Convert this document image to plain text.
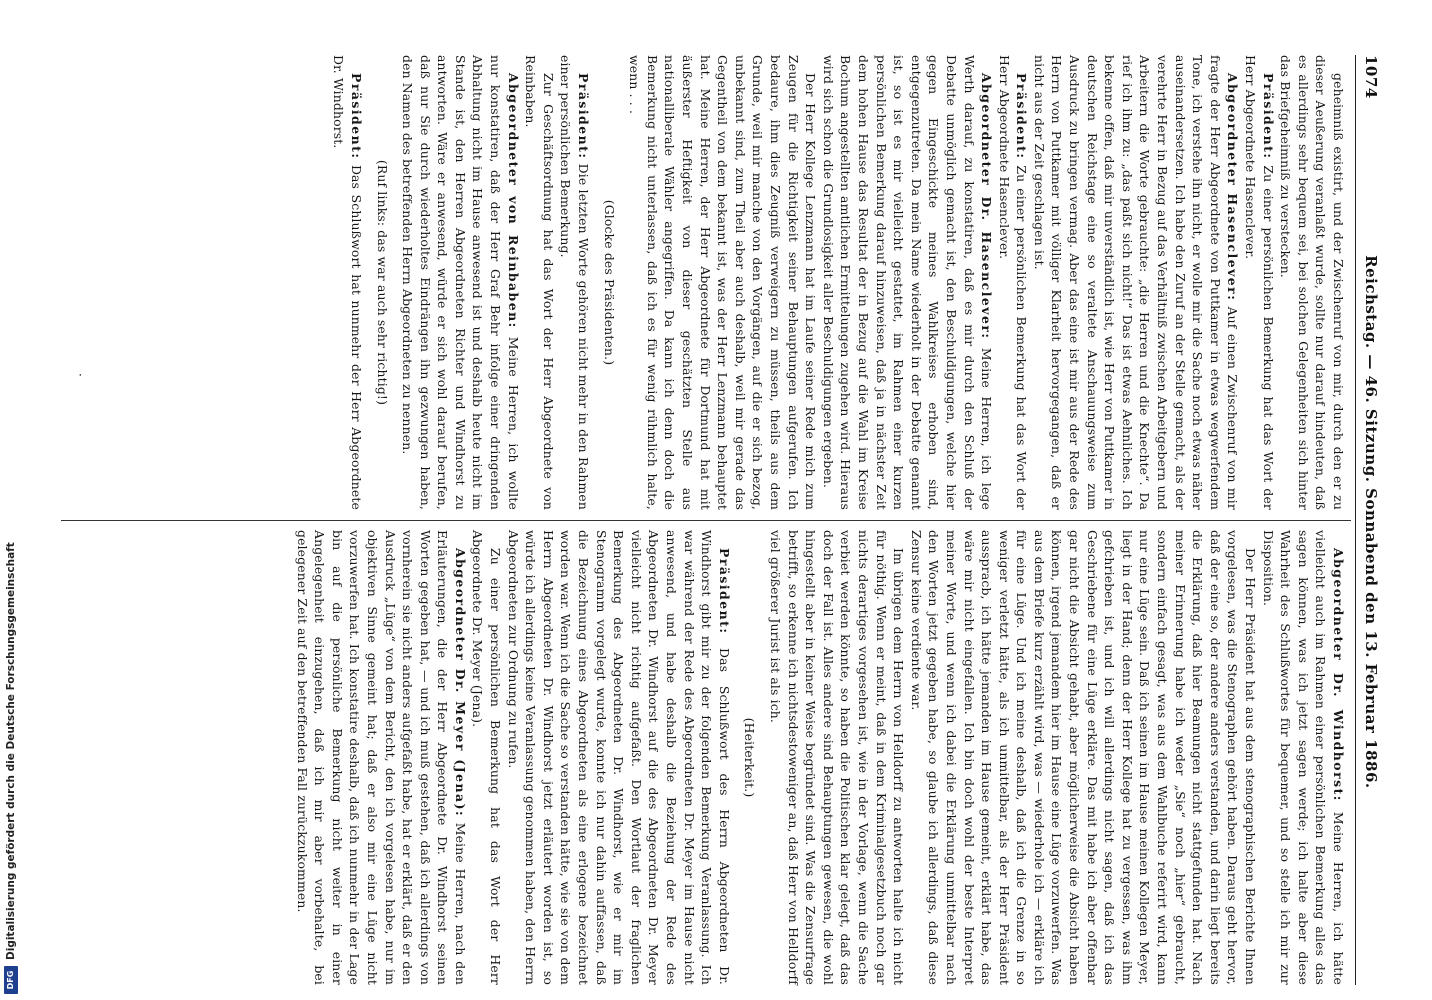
1074
Reichstag. — 46. Sitzung. Sonnabend den 13. Februar 1886.

geheimniß existirt, und der Zwischenruf von mir, durch den er zu dieser Aeußerung veranlaßt wurde, sollte nur darauf hindeuten, daß es allerdings sehr bequem sei, bei solchen Gelegenheiten sich hinter das Briefgeheimniß zu verstecken.

Präsident: Zu einer persönlichen Bemerkung hat das Wort der Herr Abgeordnete Hasenclever.

Abgeordneter Hasenclever: Auf einen Zwischenruf von mir fragte der Herr Abgeordnete von Puttkamer in etwas wegwerfendem Tone, ich verstehe ihn nicht, er wolle mir die Sache noch etwas näher auseinandersetzen. Ich habe den Zuruf an der Stelle gemacht, als der verehrte Herr in Bezug auf das Verhältniß zwischen Arbeitgebern und Arbeitern die Worte gebrauchte: „die Herren und die Knechte“. Da rief ich ihm zu: „das paßt sich nicht!“ Das ist etwas Aehnliches. Ich bekenne offen, daß mir unverständlich ist, wie Herr von Puttkamer in deutschen Reichstage eine so veraltete Anschauungsweise zum Ausdruck zu bringen vermag. Aber das eine ist mir aus der Rede des Herrn von Puttkamer mit völliger Klarheit hervorgegangen, daß er nicht aus der Zeit geschlagen ist.

Präsident: Zu einer persönlichen Bemerkung hat das Wort der Herr Abgeordnete Hasenclever.

Abgeordneter Dr. Hasenclever: Meine Herren, ich lege Werth darauf, zu konstatiren, daß es mir durch den Schluß der Debatte unmöglich gemacht ist, den Beschuldigungen, welche hier gegen Eingeschickte meines Wahlkreises erhoben sind, entgegenzutreten. Da mein Name wiederholt in der Debatte genannt ist, so ist es mir vielleicht gestattet, im Rahmen einer kurzen persönlichen Bemerkung darauf hinzuweisen, daß ja in nächster Zeit dem hohen Hause das Resultat der in Bezug auf die Wahl im Kreise Bochum angestellten amtlichen Ermittelungen zugehen wird. Hieraus wird sich schon die Grundlosigkeit aller Beschuldigungen ergeben.

Der Herr Kollege Lenzmann hat im Laufe seiner Rede mich zum Zeugen für die Richtigkeit seiner Behauptungen aufgerufen. Ich bedaure, ihm dies Zeugniß verweigern zu müssen, theils aus dem Grunde, weil mir manche von den Vorgängen, auf die er sich bezog, unbekannt sind, zum Theil aber auch deshalb, weil mir gerade das Gegentheil von dem bekannt ist, was der Herr Lenzmann behauptet hat. Meine Herren, der Herr Abgeordnete für Dortmund hat mit äußerster Heftigkeit von dieser geschätzten Stelle aus nationalliberale Wähler angegriffen. Da kann ich denn doch die Bemerkung nicht unterlassen, daß ich es für wenig rühmlich halte, wenn . . .

(Glocke des Präsidenten.)

Präsident: Die letzten Worte gehören nicht mehr in den Rahmen einer persönlichen Bemerkung.

Zur Geschäftsordnung hat das Wort der Herr Abgeordnete von Reinbaben.

Abgeordneter von Reinbaben: Meine Herren, ich wollte nur konstatiren, daß der Herr Graf Behr infolge einer dringenden Abhaltung nicht im Hause anwesend ist und deshalb heute nicht im Stande ist, den Herren Abgeordneten Richter und Windhorst zu antworten. Wäre er anwesend, würde er sich wohl darauf berufen, daß nur Sie durch wiederholtes Eindrängen ihn gezwungen haben, den Namen des betreffenden Herrn Abgeordneten zu nennen.

(Ruf links: das war auch sehr richtig!)

Präsident: Das Schlußwort hat nunmehr der Herr Abgeordnete Dr. Windhorst.

Abgeordneter Dr. Windhorst: Meine Herren, ich hätte vielleicht auch im Rahmen einer persönlichen Bemerkung alles das sagen können, was ich jetzt sagen werde; ich halte aber diese Wahrheit des Schlußwortes für bequemer, und so stelle ich mir zur Disposition.

Der Herr Präsident hat aus dem stenographischen Berichte Ihnen vorgelesen, was die Stenographen gehört haben. Daraus geht hervor, daß der eine so, der andere anders verstanden, und darin liegt bereits die Erklärung, daß hier Beamungen nicht stattgefunden hat. Nach meiner Erinnerung habe ich weder „Sie“ noch „hier“ gebraucht, sondern einfach gesagt, was aus dem Wahlbuche referirt wird, kann nur eine Lüge sein. Daß ich seinen im Hause meinen Kollegen Meyer, liegt in der Hand; denn der Herr Kollege hat zu vergessen, was ihm gefchrieben ist, und ich will allerdings nicht sagen, daß ich das Geschriebene für eine Lüge erkläre. Das mit habe ich aber offenbar gar nicht die Absicht gehabt, aber möglicherweise die Absicht haben können, irgend jemandem hier im Hause eine Lüge vorzuwerfen. Was aus dem Briefe kurz erzählt wird, was — wiederhole ich — erkläre ich für eine Lüge. Und ich meine deshalb, daß ich die Grenze in so weniger verletzt hätte, als ich unmittelbar, als der Herr Präsident ausspracb, ich hätte jemanden im Hause gemeint, erklärt habe, das wäre mir nicht eingefallen. Ich bin doch wohl der beste Interpret meiner Worte, und wenn ich dabei die Erklärung unmittelbar nach den Worten jetzt gegeben habe, so glaube ich allerdings, daß diese Zensur keine verdiente war.

Im übrigen dem Herrn von Helldorff zu antworten halte ich nicht für nöthig. Wenn er meint, daß in dem Kriminalgesetzbuch noch gar nichts derartiges vorgesehen ist, wie in der Vorlage, wenn die Sache verbiet werden könnte, so haben die Politischen klar gelegt, daß das doch der Fall ist. Alles andere sind Behauptungen gewesen, die wohl hingestellt aber in keiner Weise begründet sind. Was die Zensurfrage betrifft, so erkenne ich nichtsdestoweniger an, daß Herr von Helldorff viel größerer Jurist ist als ich.

(Heiterkeit.)

Präsident: Das Schlußwort des Herrn Abgeordneten Dr. Windhorst gibt mir zu der folgenden Bemerkung Veranlassung. Ich war während der Rede des Abgeordneten Dr. Meyer im Hause nicht anwesend, und habe deshalb die Beziehung der Rede des Abgeordneten Dr. Windhorst auf die des Abgeordneten Dr. Meyer vielleicht nicht richtig aufgefaßt. Den Wortlaut der fraglichen Bemerkung des Abgeordneten Dr. Windhorst, wie er mir im Stenogramm vorgelegt wurde, konnte ich nur dahin auffassen, daß die Bezeichnung eines Abgeordneten als eine erlogene bezeichnet worden war. Wenn ich die Sache so verstanden hätte, wie sie von dem Herrn Abgeordneten Dr. Windhorst jetzt erläutert worden ist, so würde ich allerdings keine Veranlassung genommen haben, den Herrn Abgeordneten zur Ordnung zu rufen.

Zu einer persönlichen Bemerkung hat das Wort der Herr Abgeordnete Dr. Meyer (Jena).

Abgeordneter Dr. Meyer (Jena): Meine Herren, nach den Erläuterungen, die der Herr Abgeordnete Dr. Windhorst seinen Worten gegeben hat, — und ich muß gestehen, daß ich allerdings von vornherein sie nicht anders aufgefaßt habe, hat er erklärt, daß er den Ausdruck „Lüge“ von dem Bericht, den ich vorgelesen habe, nur im objektiven Sinne gemeint hat; daß er also mir eine Lüge nicht vorzuwerfen hat. Ich konstatire deshalb, daß ich nunmehr in der Lage bin auf die persönliche Bemerkung nicht weiter in einer Angelegenheit einzugehen, daß ich mir aber vorbehalte, bei gelegener Zeit auf den betreffenden Fall zurückzukommen.

·
DFG
Digitalisierung gefördert durch die Deutsche Forschungsgemeinschaft
